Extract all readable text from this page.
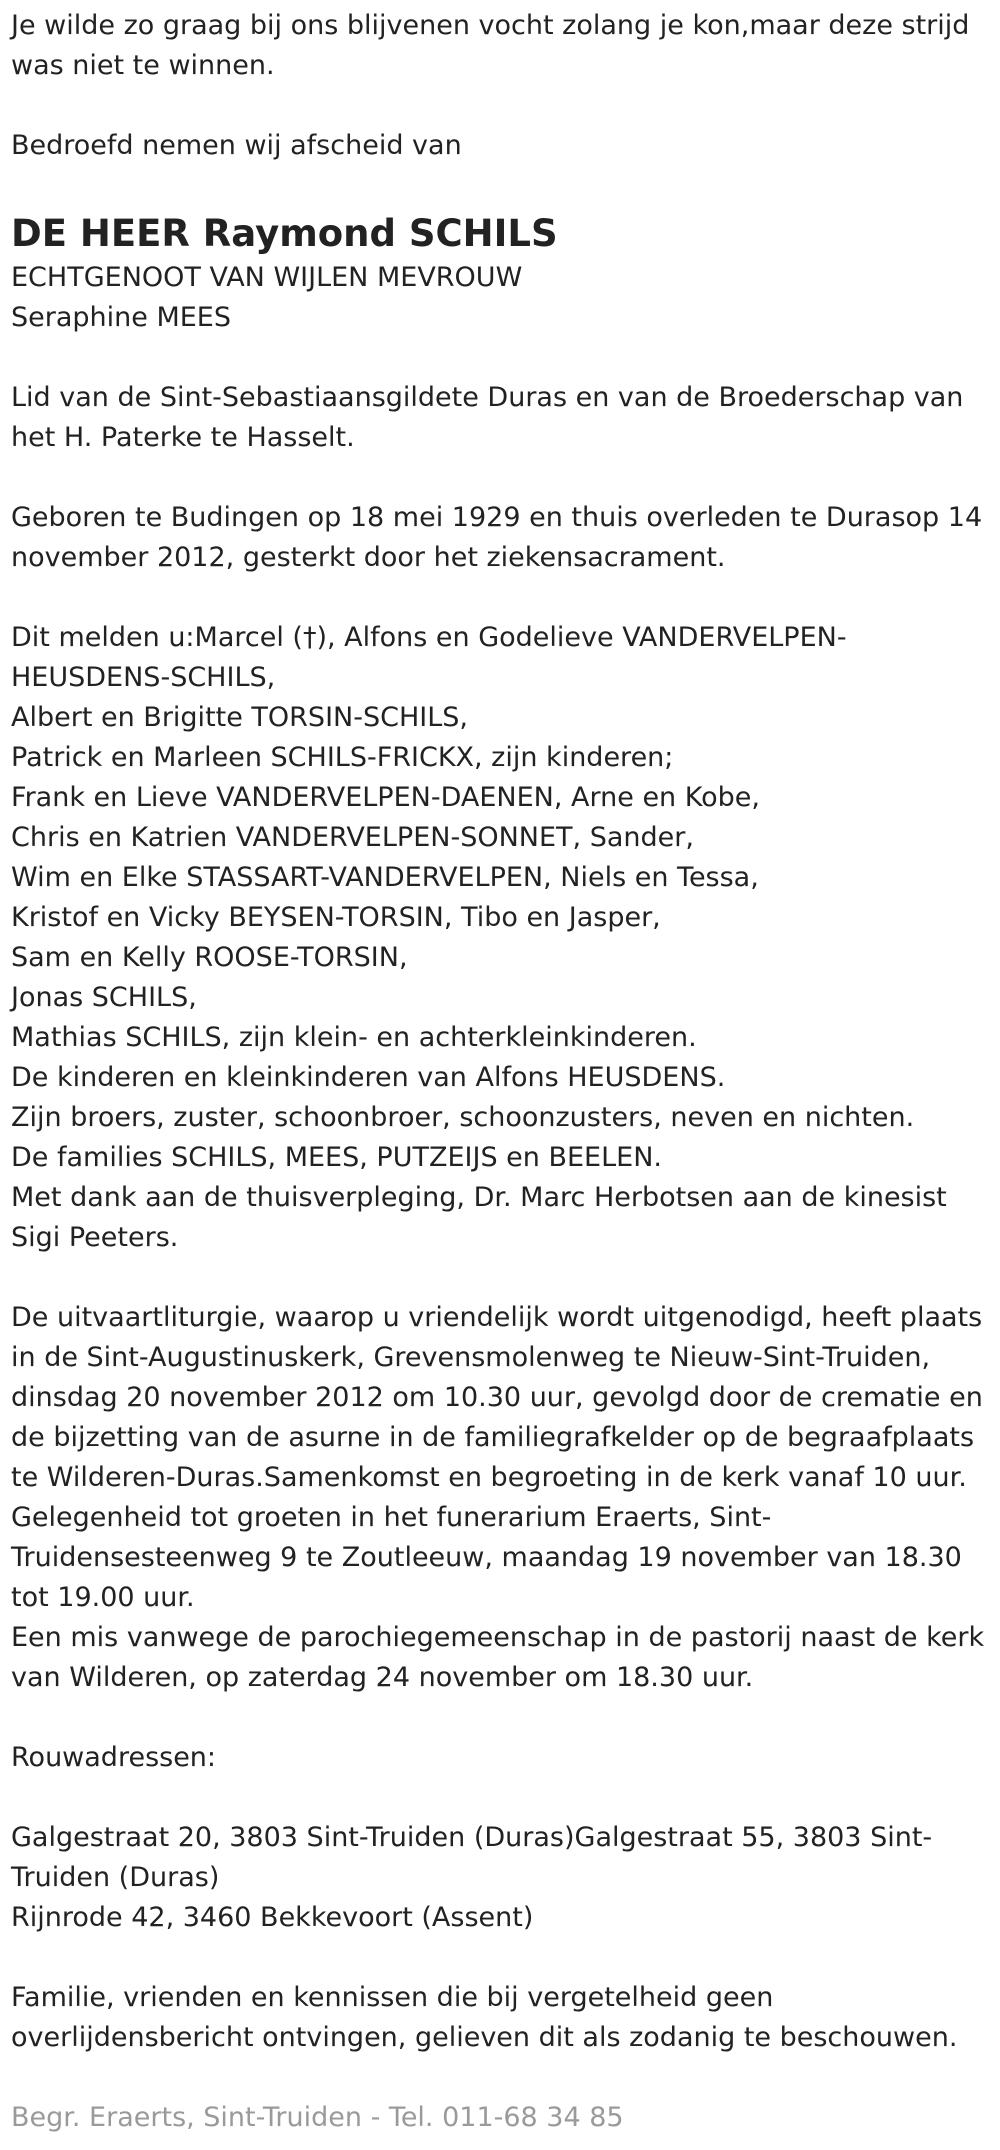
Je wilde zo graag bij ons blijvenen vocht zolang je kon,maar deze strijd was niet te winnen.

Bedroefd nemen wij afscheid van

DE HEER Raymond SCHILS

ECHTGENOOT VAN WIJLEN MEVROUW

Seraphine MEES

Lid van de Sint-Sebastiaansgildete Duras en van de Broederschap van het H. Paterke te Hasselt.

Geboren te Budingen op 18 mei 1929 en thuis overleden te Durasop 14 november 2012, gesterkt door het ziekensacrament.

Dit melden u:Marcel (†), Alfons en Godelieve VANDERVELPEN-HEUSDENS-SCHILS,

Albert en Brigitte TORSIN-SCHILS,

Patrick en Marleen SCHILS-FRICKX, zijn kinderen;

Frank en Lieve VANDERVELPEN-DAENEN, Arne en Kobe,

Chris en Katrien VANDERVELPEN-SONNET, Sander,

Wim en Elke STASSART-VANDERVELPEN, Niels en Tessa,

Kristof en Vicky BEYSEN-TORSIN, Tibo en Jasper,

Sam en Kelly ROOSE-TORSIN,

Jonas SCHILS,

Mathias SCHILS, zijn klein- en achterkleinkinderen.

De kinderen en kleinkinderen van Alfons HEUSDENS.

Zijn broers, zuster, schoonbroer, schoonzusters, neven en nichten.

De families SCHILS, MEES, PUTZEIJS en BEELEN.

Met dank aan de thuisverpleging, Dr. Marc Herbotsen aan de kinesist Sigi Peeters.

De uitvaartliturgie, waarop u vriendelijk wordt uitgenodigd, heeft plaats in de Sint-Augustinuskerk, Grevensmolenweg te Nieuw-Sint-Truiden, dinsdag 20 november 2012 om 10.30 uur, gevolgd door de crematie en de bijzetting van de asurne in de familiegrafkelder op de begraafplaats te Wilderen-Duras.Samenkomst en begroeting in de kerk vanaf 10 uur.

Gelegenheid tot groeten in het funerarium Eraerts, Sint-Truidensesteenweg 9 te Zoutleeuw, maandag 19 november van 18.30 tot 19.00 uur.

Een mis vanwege de parochiegemeenschap in de pastorij naast de kerk van Wilderen, op zaterdag 24 november om 18.30 uur.

Rouwadressen:

Galgestraat 20, 3803 Sint-Truiden (Duras)Galgestraat 55, 3803 Sint-Truiden (Duras)

Rijnrode 42, 3460 Bekkevoort (Assent)

Familie, vrienden en kennissen die bij vergetelheid geen overlijdensbericht ontvingen, gelieven dit als zodanig te beschouwen.

Begr. Eraerts, Sint-Truiden - Tel. 011-68 34 85
